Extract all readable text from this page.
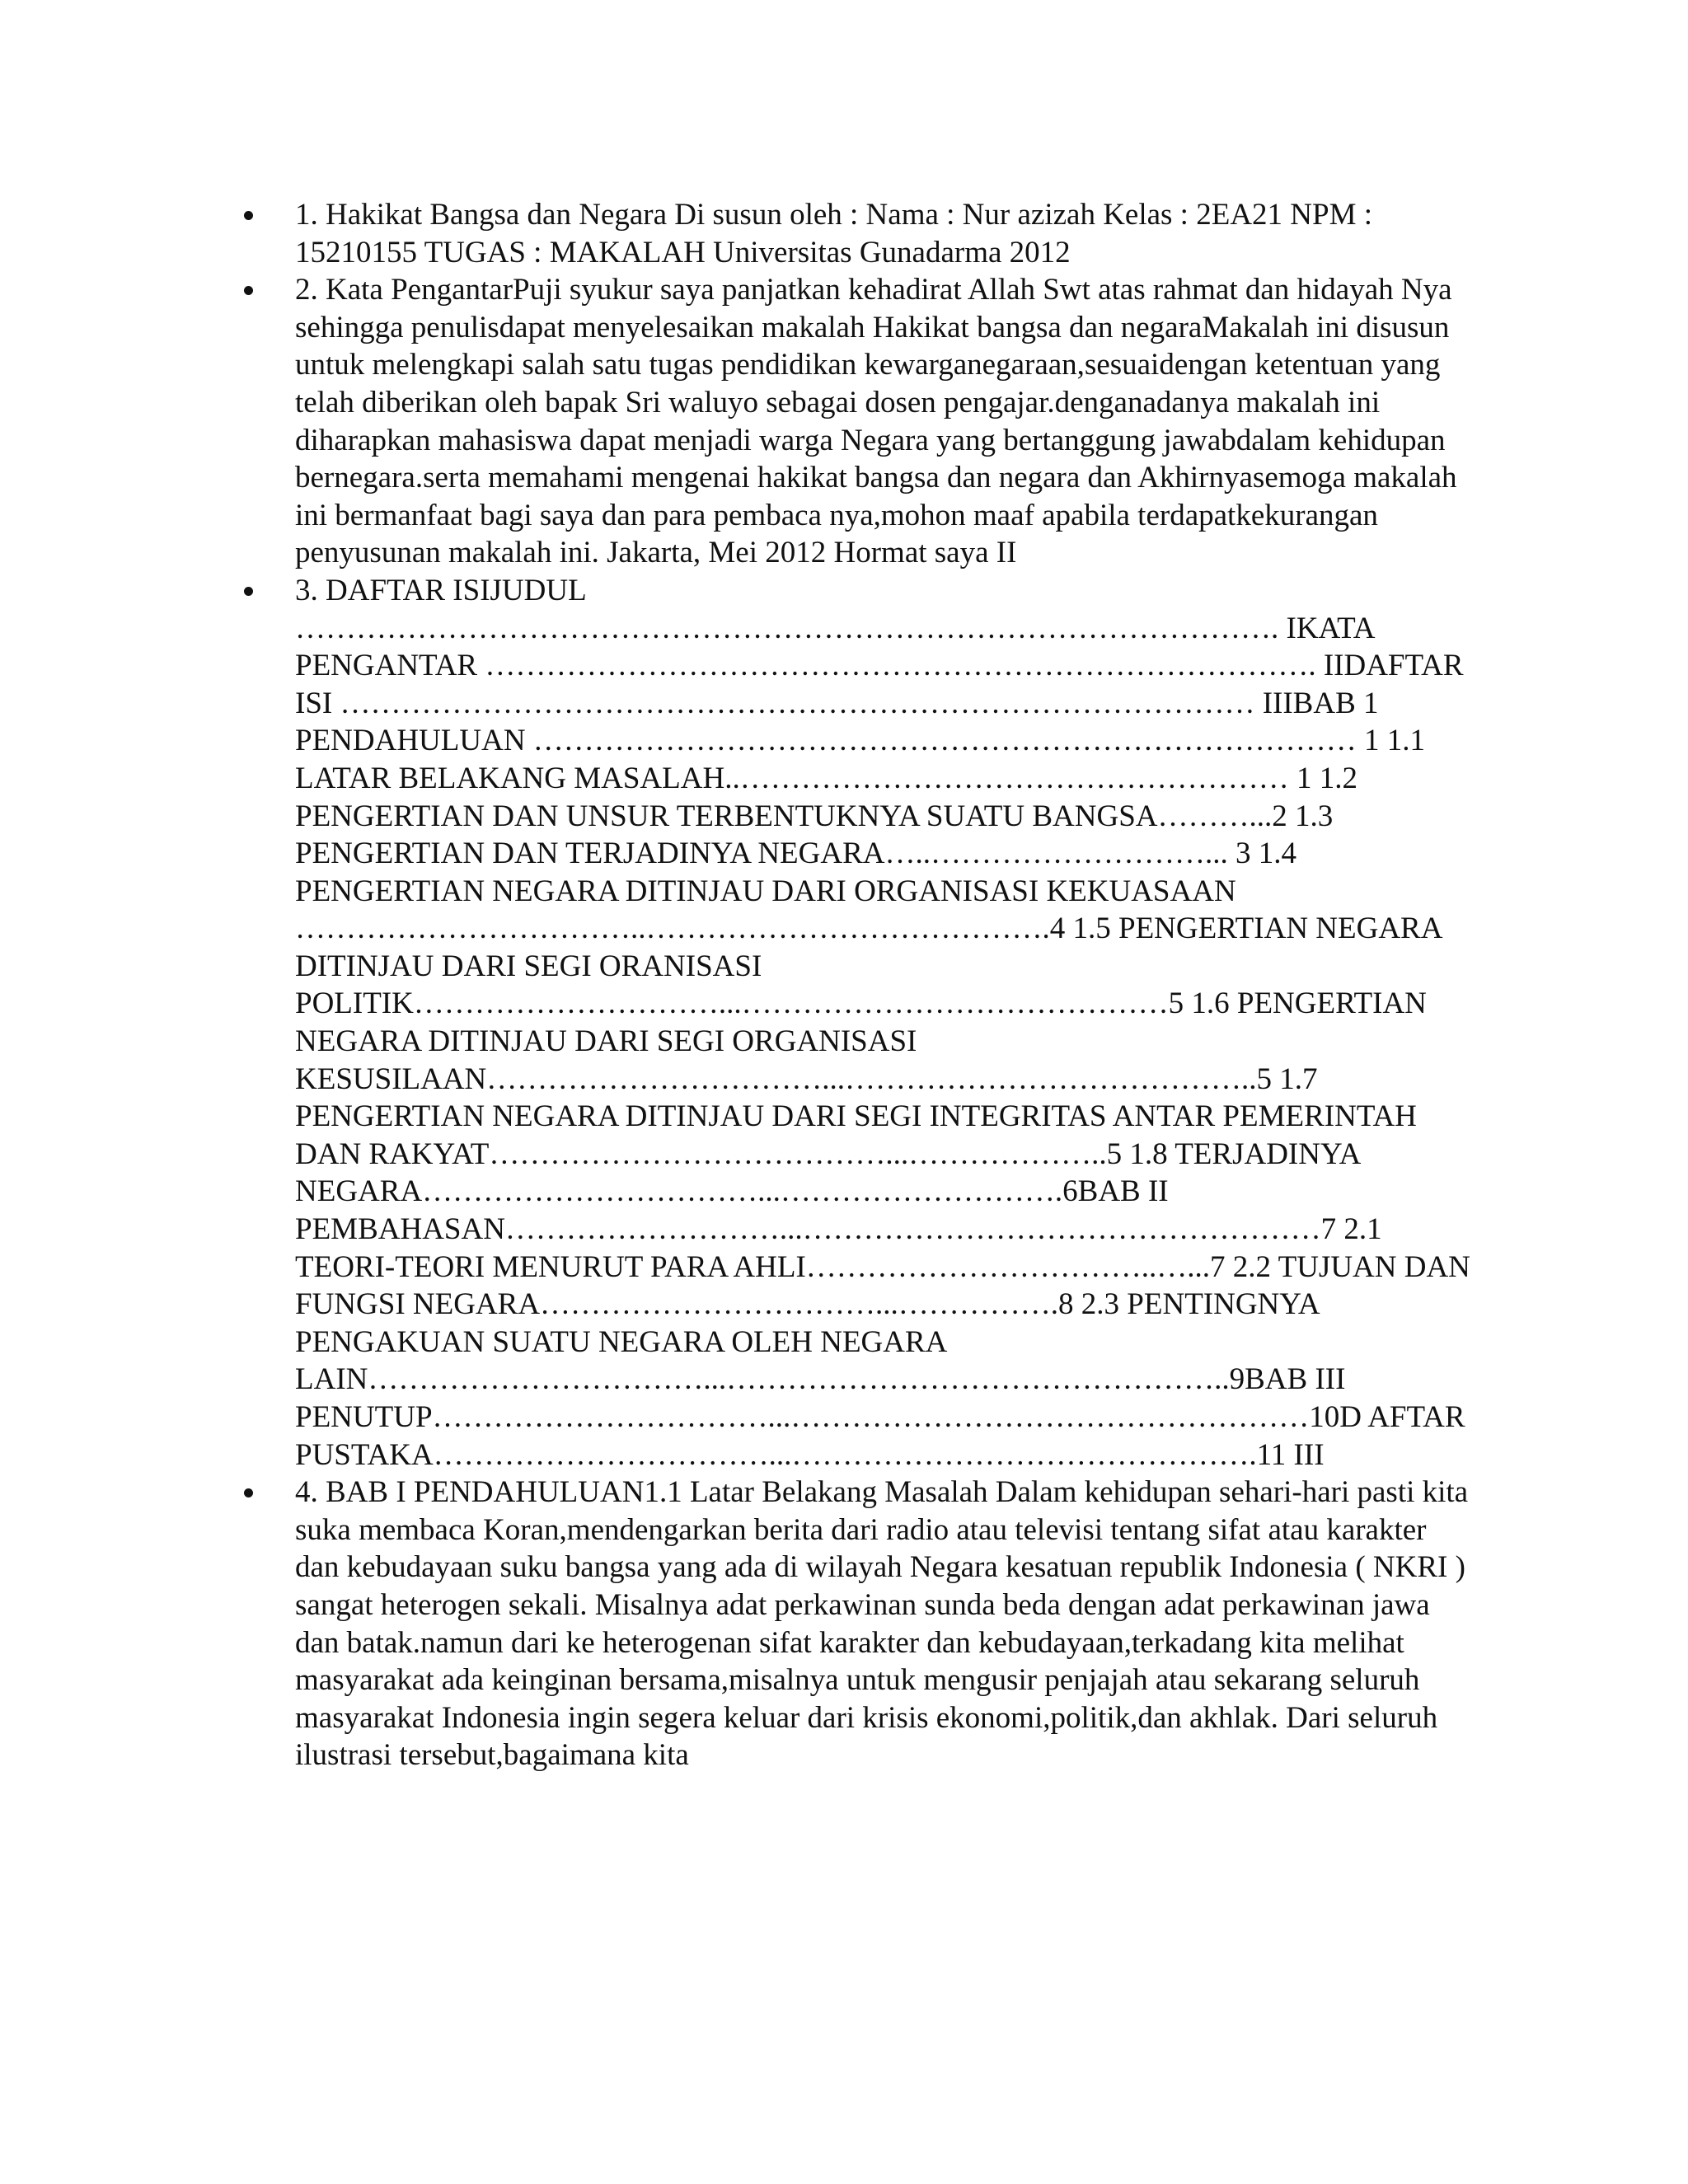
1. Hakikat Bangsa dan Negara Di susun oleh : Nama : Nur azizah Kelas : 2EA21 NPM : 15210155 TUGAS : MAKALAH Universitas Gunadarma 2012
2. Kata PengantarPuji syukur saya panjatkan kehadirat Allah Swt atas rahmat dan hidayah Nya sehingga penulisdapat menyelesaikan makalah Hakikat bangsa dan negaraMakalah ini disusun untuk melengkapi salah satu tugas pendidikan kewarganegaraan,sesuaidengan ketentuan yang telah diberikan oleh bapak Sri waluyo sebagai dosen pengajar.denganadanya makalah ini diharapkan mahasiswa dapat menjadi warga Negara yang bertanggung jawabdalam kehidupan bernegara.serta memahami mengenai hakikat bangsa dan negara dan Akhirnyasemoga makalah ini bermanfaat bagi saya dan para pembaca nya,mohon maaf apabila terdapatkekurangan penyusunan makalah ini. Jakarta, Mei 2012 Hormat saya II
3. DAFTAR ISIJUDUL ……………………………………………………………………………………. IKATA PENGANTAR ………………………………………………………………………. IIDAFTAR ISI ……………………………………………………………………………… IIIBAB 1 PENDAHULUAN ……………………………………………………………………… 1 1.1 LATAR BELAKANG MASALAH..……………………………………………… 1 1.2 PENGERTIAN DAN UNSUR TERBENTUKNYA SUATU BANGSA………...2 1.3 PENGERTIAN DAN TERJADINYA NEGARA…..………………………... 3 1.4 PENGERTIAN NEGARA DITINJAU DARI ORGANISASI KEKUASAAN ……………………………..………………………………….4 1.5 PENGERTIAN NEGARA DITINJAU DARI SEGI ORANISASI POLITIK…………………………...……………………………………5 1.6 PENGERTIAN NEGARA DITINJAU DARI SEGI ORGANISASI KESUSILAAN……………………………...…………………………………..5 1.7 PENGERTIAN NEGARA DITINJAU DARI SEGI INTEGRITAS ANTAR PEMERINTAH DAN RAKYAT…………………………………...………………..5 1.8 TERJADINYA NEGARA……………………………...……………………….6BAB II PEMBAHASAN………………………...……………………………………………7 2.1 TEORI-TEORI MENURUT PARA AHLI……………………………..…...7 2.2 TUJUAN DAN FUNGSI NEGARA……………………………...…………….8 2.3 PENTINGNYA PENGAKUAN SUATU NEGARA OLEH NEGARA LAIN……………………………...…………………………………………..9BAB III PENUTUP……………………………...……………………………………………10D AFTAR PUSTAKA……………………………...……………………………………….11 III
4. BAB I PENDAHULUAN1.1 Latar Belakang Masalah Dalam kehidupan sehari-hari pasti kita suka membaca Koran,mendengarkan berita dari radio atau televisi tentang sifat atau karakter dan kebudayaan suku bangsa yang ada di wilayah Negara kesatuan republik Indonesia ( NKRI ) sangat heterogen sekali. Misalnya adat perkawinan sunda beda dengan adat perkawinan jawa dan batak.namun dari ke heterogenan sifat karakter dan kebudayaan,terkadang kita melihat masyarakat ada keinginan bersama,misalnya untuk mengusir penjajah atau sekarang seluruh masyarakat Indonesia ingin segera keluar dari krisis ekonomi,politik,dan akhlak. Dari seluruh ilustrasi tersebut,bagaimana kita
